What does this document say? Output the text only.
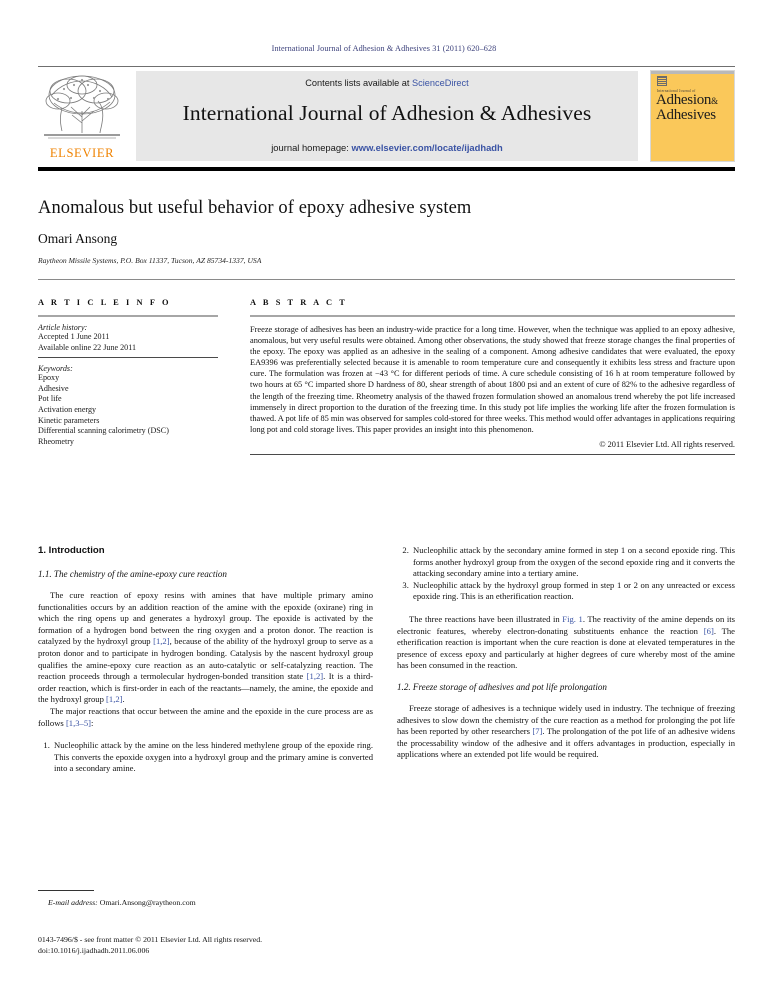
International Journal of Adhesion & Adhesives 31 (2011) 620–628
ELSEVIER
Contents lists available at ScienceDirect
International Journal of Adhesion & Adhesives
journal homepage: www.elsevier.com/locate/ijadhadh
International Journal of
Adhesion&
Adhesives
Anomalous but useful behavior of epoxy adhesive system
Omari Ansong
Raytheon Missile Systems, P.O. Box 11337, Tucson, AZ 85734-1337, USA
A R T I C L E I N F O
Article history:
Accepted 1 June 2011
Available online 22 June 2011
Keywords:
Epoxy
Adhesive
Pot life
Activation energy
Kinetic parameters
Differential scanning calorimetry (DSC)
Rheometry
A B S T R A C T
Freeze storage of adhesives has been an industry-wide practice for a long time. However, when the technique was applied to an epoxy adhesive, anomalous, but very useful results were obtained. Among other observations, the study showed that freeze storage changes the final properties of the epoxy. The epoxy was applied as an adhesive in the sealing of a component. Among adhesive candidates that were evaluated, the epoxy EA9396 was preferentially selected because it is amenable to room temperature cure and consequently it exhibits less stress and fracture upon cure. The formulation was frozen at −43 °C for different periods of time. A cure schedule consisting of 16 h at room temperature followed by two hours at 65 °C imparted shore D hardness of 80, shear strength of about 1800 psi and an extent of cure of 82% to the adhesive regardless of the length of the freezing time. Rheometry analysis of the thawed frozen formulation showed an anomalous trend whereby the pot life increased immensely in direct proportion to the duration of the freezing time. In this study pot life implies the working life after the frozen formulation is thawed. A pot life of 85 min was observed for samples cold-stored for three weeks. This method would offer advantages in applications requiring long pot and cold storage lives. This paper provides an insight into this phenomenon.
© 2011 Elsevier Ltd. All rights reserved.
1. Introduction
1.1. The chemistry of the amine-epoxy cure reaction

The cure reaction of epoxy resins with amines that have multiple primary amino functionalities occurs by an addition reaction of the amine with the epoxide (oxirane) ring in which the ring opens up and generates a hydroxyl group. The epoxide is activated by the formation of a hydrogen bond between the ring oxygen and a proton donor. The reaction is catalyzed by the hydroxyl group [1,2], because of the ability of the hydroxyl group to serve as a proton donor and to participate in hydrogen bonding. Catalysis by the nascent hydroxyl group qualifies the amine-epoxy cure reaction as an auto-catalytic or self-catalyzing reaction. The reaction proceeds through a termolecular hydrogen-bonded transition state [1,2]. It is a third-order reaction, which is first-order in each of the reactants—namely, the amine, the epoxide and the hydroxyl group [1,2].

The major reactions that occur between the amine and the epoxide in the cure process are as follows [1,3–5]:

1. Nucleophilic attack by the amine on the less hindered methylene group of the epoxide ring. This converts the epoxide oxygen into a hydroxyl group and the primary amine is converted into a secondary amine.
2. Nucleophilic attack by the secondary amine formed in step 1 on a second epoxide ring. This forms another hydroxyl group from the oxygen of the second epoxide ring and it converts the attacking secondary amine into a tertiary amine.
3. Nucleophilic attack by the hydroxyl group formed in step 1 or 2 on any unreacted or excess epoxide ring. This is an etherification reaction.

The three reactions have been illustrated in Fig. 1. The reactivity of the amine depends on its electronic features, whereby electron-donating substituents enhance the reaction [6]. The etherification reaction is important when the cure reaction is done at elevated temperatures in the presence of excess epoxy and particularly at higher degrees of cure whereby most of the amine has been consumed in the reaction.

1.2. Freeze storage of adhesives and pot life prolongation

Freeze storage of adhesives is a technique widely used in industry. The technique of freezing adhesives to slow down the chemistry of the cure reaction as a method for prolonging the pot life has been reported by other researchers [7]. The prolongation of the pot life of an adhesive widens the processability window of the adhesive and it offers advantages in production, especially in applications where an extended pot life would be required.

E-mail address: Omari.Ansong@raytheon.com
0143-7496/$ - see front matter © 2011 Elsevier Ltd. All rights reserved.
doi:10.1016/j.ijadhadh.2011.06.006
